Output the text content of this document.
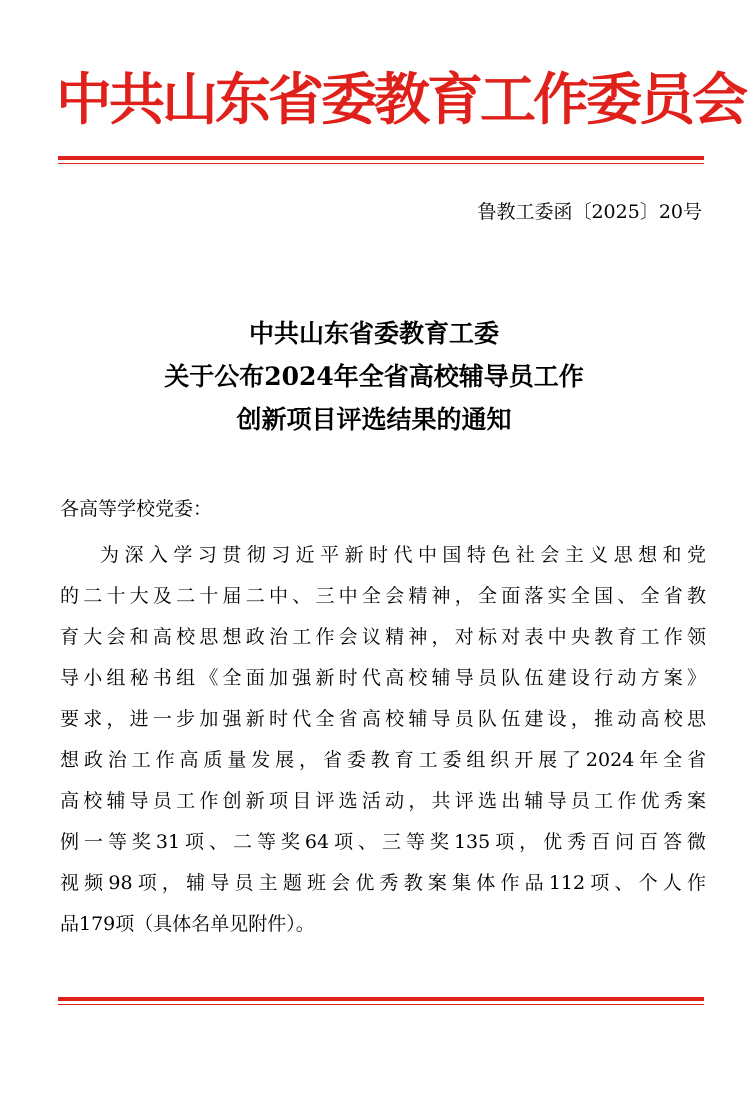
中共山东省委教育工作委员会
鲁教工委函〔2025〕20号
中共山东省委教育工委
关于公布2024年全省高校辅导员工作
创新项目评选结果的通知
各高等学校党委：
为深入学习贯彻习近平新时代中国特色社会主义思想和党
的二十大及二十届二中、三中全会精神，全面落实全国、全省教
育大会和高校思想政治工作会议精神，对标对表中央教育工作领
导小组秘书组《全面加强新时代高校辅导员队伍建设行动方案》
要求，进一步加强新时代全省高校辅导员队伍建设，推动高校思
想政治工作高质量发展，省委教育工委组织开展了2024年全省
高校辅导员工作创新项目评选活动，共评选出辅导员工作优秀案
例一等奖31项、二等奖64项、三等奖135项，优秀百问百答微
视频98项，辅导员主题班会优秀教案集体作品112项、个人作
品179项（具体名单见附件）。
